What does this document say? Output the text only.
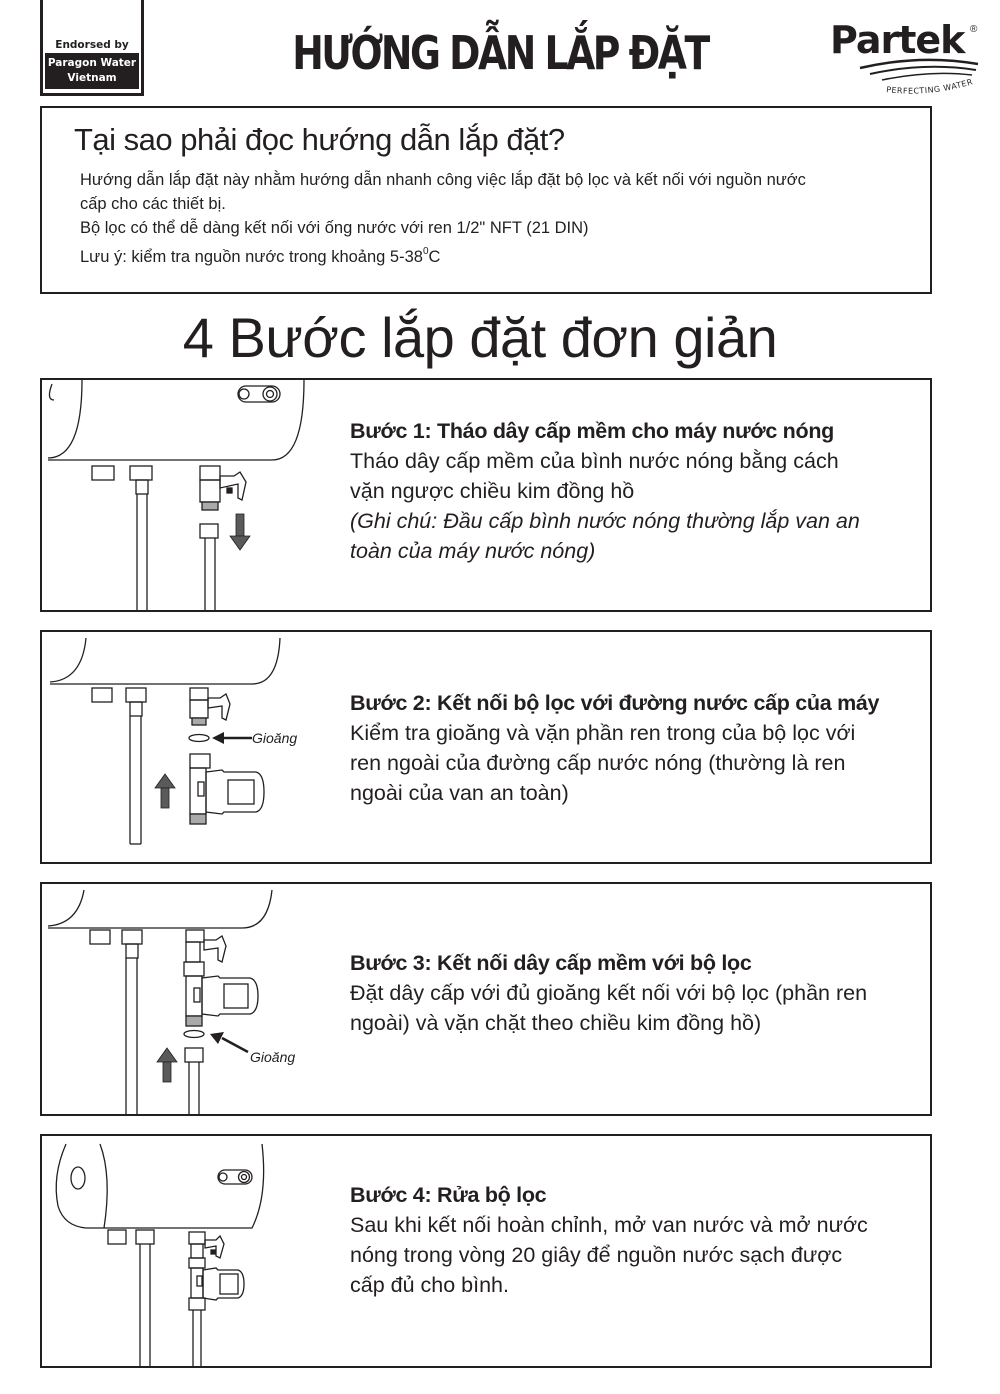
Endorsed by
Paragon Water
Vietnam	HƯỚNG DẪN LẮP ĐẶT	Partek ®
PERFECTING WATER
Tại sao phải đọc hướng dẫn lắp đặt?
Hướng dẫn lắp đặt này nhằm hướng dẫn nhanh công việc lắp đặt bộ lọc và kết nối với nguồn nước
cấp cho các thiết bị.
Bộ lọc có thể dễ dàng kết nối với ống nước với ren 1/2" NFT (21 DIN)
Lưu ý: kiểm tra nguồn nước trong khoảng $5-38^0C$
4 Bước lắp đặt đơn giản
Bước 1: Tháo dây cấp mềm cho máy nước nóng
Tháo dây cấp mềm của bình nước nóng bằng cách
vặn ngược chiều kim đồng hồ
(Ghi chú: Đầu cấp bình nước nóng thường lắp van an
toàn của máy nước nóng)
Gioăng
Bước 2: Kết nối bộ lọc với đường nước cấp của máy
Kiểm tra gioăng và vặn phần ren trong của bộ lọc với
ren ngoài của đường cấp nước nóng (thường là ren
ngoài của van an toàn)
Gioăng
Bước 3: Kết nối dây cấp mềm với bộ lọc
Đặt dây cấp với đủ gioăng kết nối với bộ lọc (phần ren
ngoài) và vặn chặt theo chiều kim đồng hồ)
Bước 4: Rửa bộ lọc
Sau khi kết nối hoàn chỉnh, mở van nước và mở nước
nóng trong vòng 20 giây để nguồn nước sạch được
cấp đủ cho bình.
